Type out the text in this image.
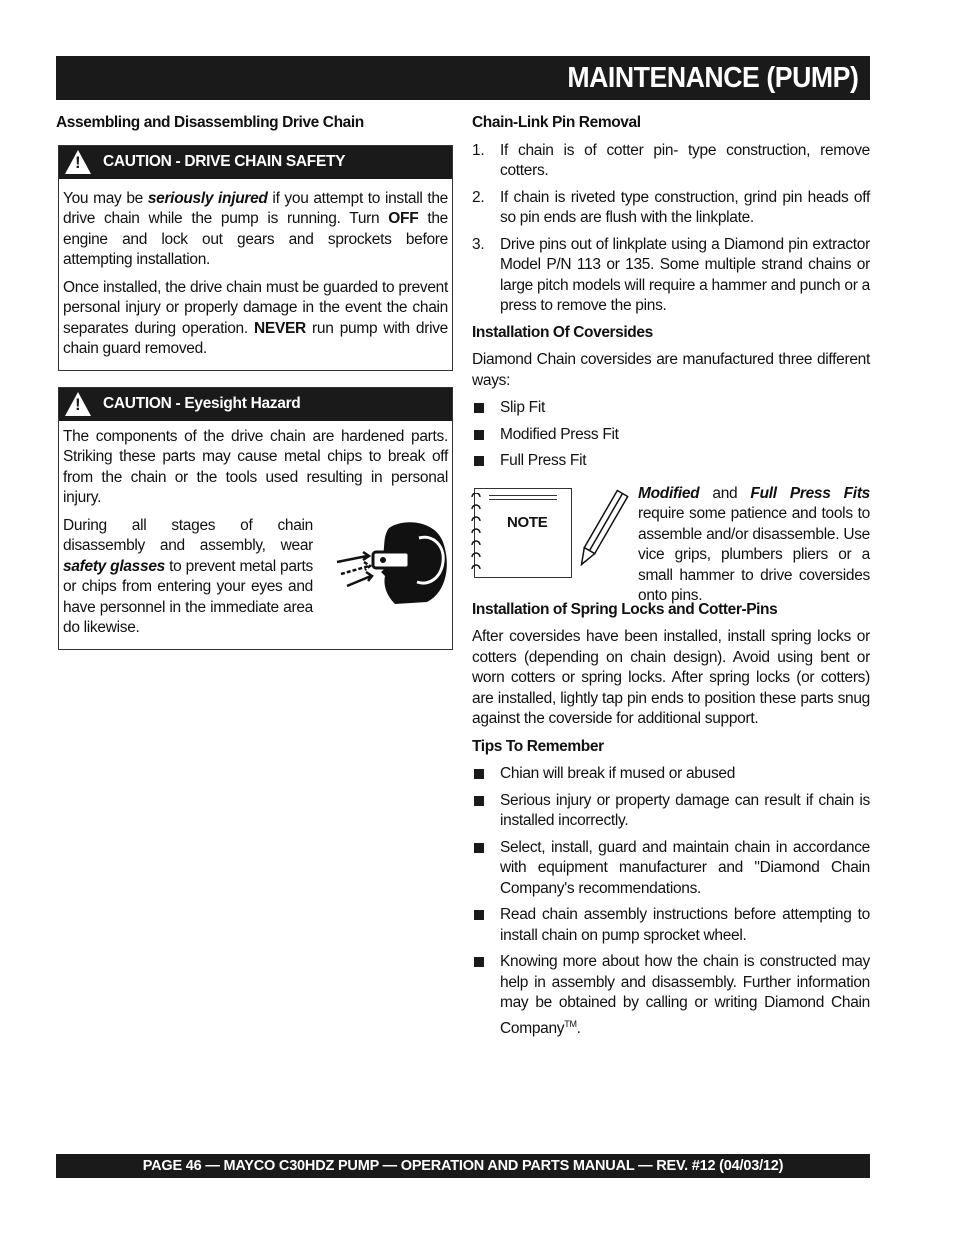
MAINTENANCE (PUMP)
Assembling and Disassembling Drive Chain
! CAUTION - DRIVE CHAIN SAFETY

You may be seriously injured if you attempt to install the drive chain while the pump is running. Turn OFF the engine and lock out gears and sprockets before attempting installation.

Once installed, the drive chain must be guarded to prevent personal injury or properly damage in the event the chain separates during operation. NEVER run pump with drive chain guard removed.

! CAUTION - Eyesight Hazard

The components of the drive chain are hardened parts. Striking these parts may cause metal chips to break off from the chain or the tools used resulting in personal injury.

During all stages of chain disassembly and assembly, wear safety glasses to prevent metal parts or chips from entering your eyes and have personnel in the immediate area do likewise.

Chain-Link Pin Removal
1. If chain is of cotter pin- type construction, remove cotters.
2. If chain is riveted type construction, grind pin heads off so pin ends are flush with the linkplate.
3. Drive pins out of linkplate using a Diamond pin extractor Model P/N 113 or 135. Some multiple strand chains or large pitch models will require a hammer and punch or a press to remove the pins.
Installation Of Coversides

Diamond Chain coversides are manufactured three different ways:

Slip Fit
Modified Press Fit
Full Press Fit
NOTE

Modified and Full Press Fits require some patience and tools to assemble and/or disassemble. Use vice grips, plumbers pliers or a small hammer to drive coversides onto pins.

Installation of Spring Locks and Cotter-Pins

After coversides have been installed, install spring locks or cotters (depending on chain design). Avoid using bent or worn cotters or spring locks. After spring locks (or cotters) are installed, lightly tap pin ends to position these parts snug against the coverside for additional support.

Tips To Remember
Chian will break if mused or abused
Serious injury or property damage can result if chain is installed incorrectly.
Select, install, guard and maintain chain in accordance with equipment manufacturer and "Diamond Chain Company's recommendations.
Read chain assembly instructions before attempting to install chain on pump sprocket wheel.
Knowing more about how the chain is constructed may help in assembly and disassembly. Further information may be obtained by calling or writing Diamond Chain Company™.
PAGE 46 — MAYCO C30HDZ PUMP — OPERATION AND PARTS MANUAL — REV. #12 (04/03/12)
